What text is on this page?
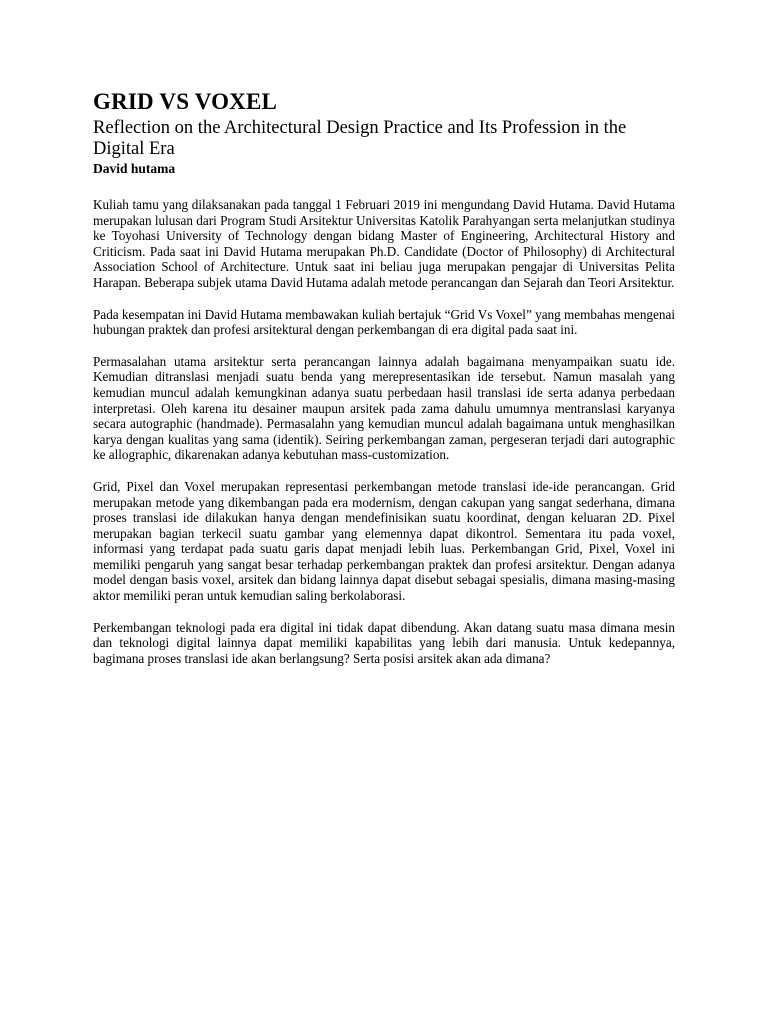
GRID VS VOXEL
Reflection on the Architectural Design Practice and Its Profession in the Digital Era
David hutama

Kuliah tamu yang dilaksanakan pada tanggal 1 Februari 2019 ini mengundang David Hutama. David Hutama merupakan lulusan dari Program Studi Arsitektur Universitas Katolik Parahyangan serta melanjutkan studinya ke Toyohasi University of Technology dengan bidang Master of Engineering, Architectural History and Criticism. Pada saat ini David Hutama merupakan Ph.D. Candidate (Doctor of Philosophy) di Architectural Association School of Architecture. Untuk saat ini beliau juga merupakan pengajar di Universitas Pelita Harapan. Beberapa subjek utama David Hutama adalah metode perancangan dan Sejarah dan Teori Arsitektur.

Pada kesempatan ini David Hutama membawakan kuliah bertajuk “Grid Vs Voxel” yang membahas mengenai hubungan praktek dan profesi arsitektural dengan perkembangan di era digital pada saat ini.

Permasalahan utama arsitektur serta perancangan lainnya adalah bagaimana menyampaikan suatu ide. Kemudian ditranslasi menjadi suatu benda yang merepresentasikan ide tersebut. Namun masalah yang kemudian muncul adalah kemungkinan adanya suatu perbedaan hasil translasi ide serta adanya perbedaan interpretasi. Oleh karena itu desainer maupun arsitek pada zama dahulu umumnya mentranslasi karyanya secara autographic (handmade). Permasalahn yang kemudian muncul adalah bagaimana untuk menghasilkan karya dengan kualitas yang sama (identik). Seiring perkembangan zaman, pergeseran terjadi dari autographic ke allographic, dikarenakan adanya kebutuhan mass-customization.

Grid, Pixel dan Voxel merupakan representasi perkembangan metode translasi ide-ide perancangan. Grid merupakan metode yang dikembangan pada era modernism, dengan cakupan yang sangat sederhana, dimana proses translasi ide dilakukan hanya dengan mendefinisikan suatu koordinat, dengan keluaran 2D. Pixel merupakan bagian terkecil suatu gambar yang elemennya dapat dikontrol. Sementara itu pada voxel, informasi yang terdapat pada suatu garis dapat menjadi lebih luas. Perkembangan Grid, Pixel, Voxel ini memiliki pengaruh yang sangat besar terhadap perkembangan praktek dan profesi arsitektur. Dengan adanya model dengan basis voxel, arsitek dan bidang lainnya dapat disebut sebagai spesialis, dimana masing-masing aktor memiliki peran untuk kemudian saling berkolaborasi.

Perkembangan teknologi pada era digital ini tidak dapat dibendung. Akan datang suatu masa dimana mesin dan teknologi digital lainnya dapat memiliki kapabilitas yang lebih dari manusia. Untuk kedepannya, bagimana proses translasi ide akan berlangsung? Serta posisi arsitek akan ada dimana?
